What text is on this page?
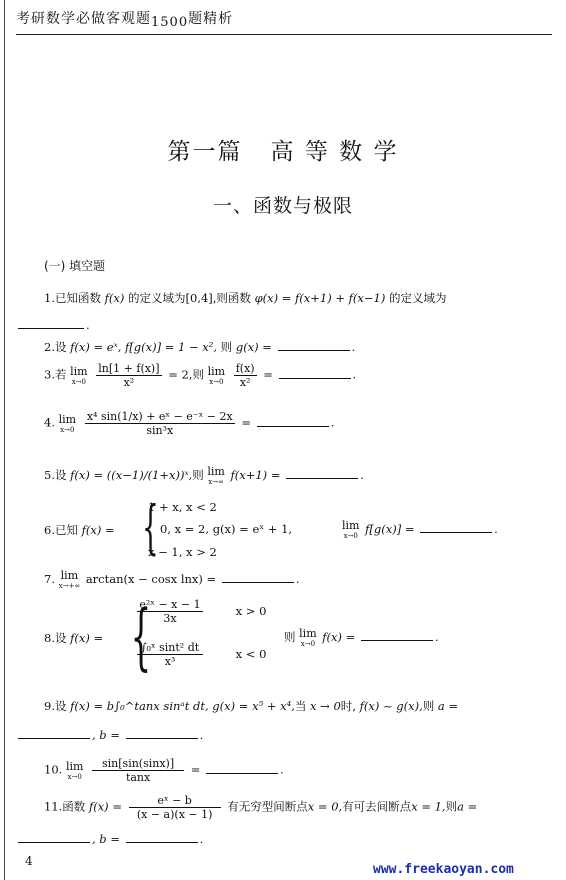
考研数学必做客观题1500题精析
第一篇 高 等 数 学
一、函数与极限
(一) 填空题
1.已知函数 f(x) 的定义域为[0,4],则函数 φ(x) = f(x+1) + f(x−1) 的定义域为
.
2.设 f(x) = eˣ, f[g(x)] = 1 − x², 则 g(x) =	.
3.若 lim
x→0
$\frac{\ln[1 + f(x)]}{\text{x²}} = 2$,则 lim
x→0
$\frac{f(x)}{\text{x²}}$ =	.
4. lim
x→0
$\frac{\text{x⁴ sin(1/x) + eˣ − e⁻ˣ − 2x}}{\text{sin³x}}$ =	.
5.设 f(x) = ((x−1)/(1+x))ˣ,则 lim
x→∞ f(x+1) =	.
6.已知 f(x) = {
1 + x, x < 2
0, x = 2, g(x) = eˣ + 1,
x − 1, x > 2
lim
x→0 f[g(x)] =	.
7. lim
x→+∞ arctan(x − cosx lnx) =	.
8.设 f(x) = {
$\frac{\text{e²ˣ − x − 1}}{3x}$	x > 0
$\frac{\text{∫₀ˣ sint² dt}}{\text{x³}}$	x < 0
则 lim
x→0 f(x) =	.
9.设 f(x) = b∫₀^tanx sinᵃt dt, g(x) = x⁵ + x⁴,当 x → 0时, f(x) ~ g(x),则 a =
, b =	.
10. lim
x→0
$\frac{\sin[\sin(\sin x)]}{\tan x}$ =	.
11.函数 $f(x) = \frac{\text{eˣ − b}}{(x - a)(x - 1)}$ 有无穷型间断点x = 0,有可去间断点x = 1,则a =
, b =	.
4
www.freekaoyan.com
